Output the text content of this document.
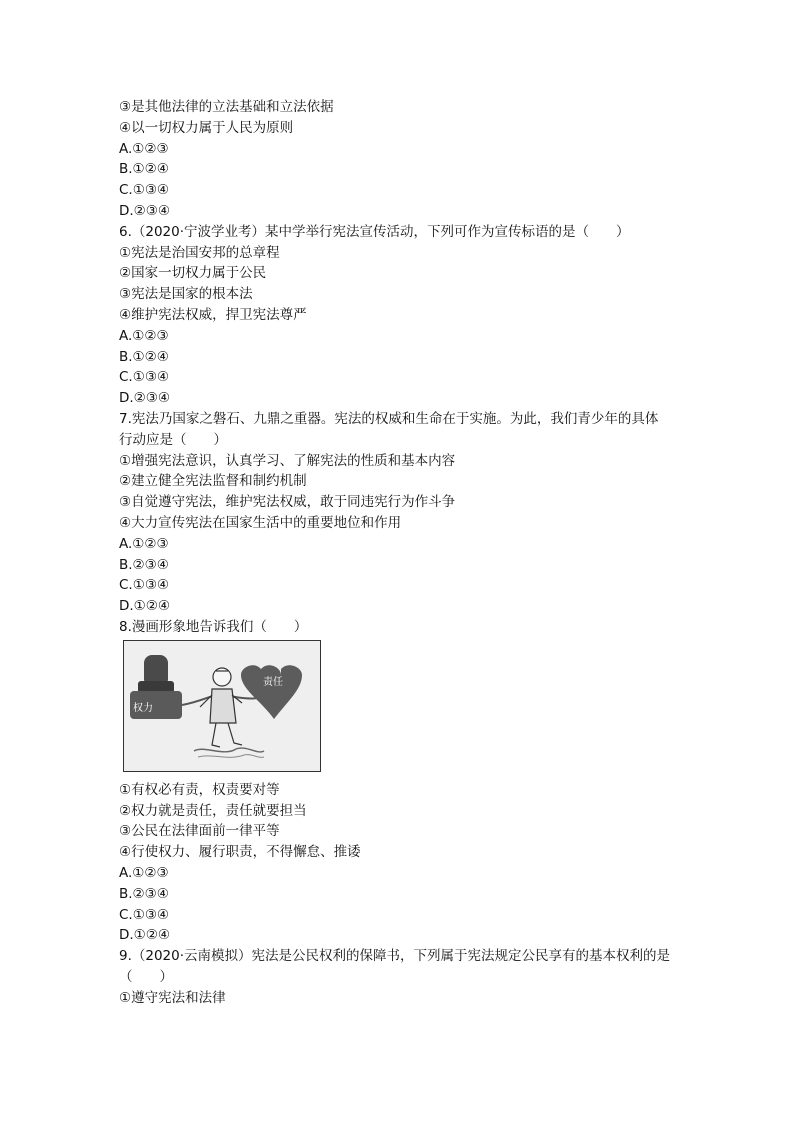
③是其他法律的立法基础和立法依据
④以一切权力属于人民为原则
A.①②③
B.①②④
C.①③④
D.②③④
6.（2020·宁波学业考）某中学举行宪法宣传活动，下列可作为宣传标语的是（　　）
①宪法是治国安邦的总章程
②国家一切权力属于公民
③宪法是国家的根本法
④维护宪法权威，捍卫宪法尊严
A.①②③
B.①②④
C.①③④
D.②③④
7.宪法乃国家之磐石、九鼎之重器。宪法的权威和生命在于实施。为此，我们青少年的具体
行动应是（　　）
①增强宪法意识，认真学习、了解宪法的性质和基本内容
②建立健全宪法监督和制约机制
③自觉遵守宪法，维护宪法权威，敢于同违宪行为作斗争
④大力宣传宪法在国家生活中的重要地位和作用
A.①②③
B.②③④
C.①③④
D.①②④
8.漫画形象地告诉我们（　　）
权力
责任
①有权必有责，权责要对等
②权力就是责任，责任就要担当
③公民在法律面前一律平等
④行使权力、履行职责，不得懈怠、推诿
A.①②③
B.②③④
C.①③④
D.①②④
9.（2020·云南模拟）宪法是公民权利的保障书，下列属于宪法规定公民享有的基本权利的是
（　　）
①遵守宪法和法律
